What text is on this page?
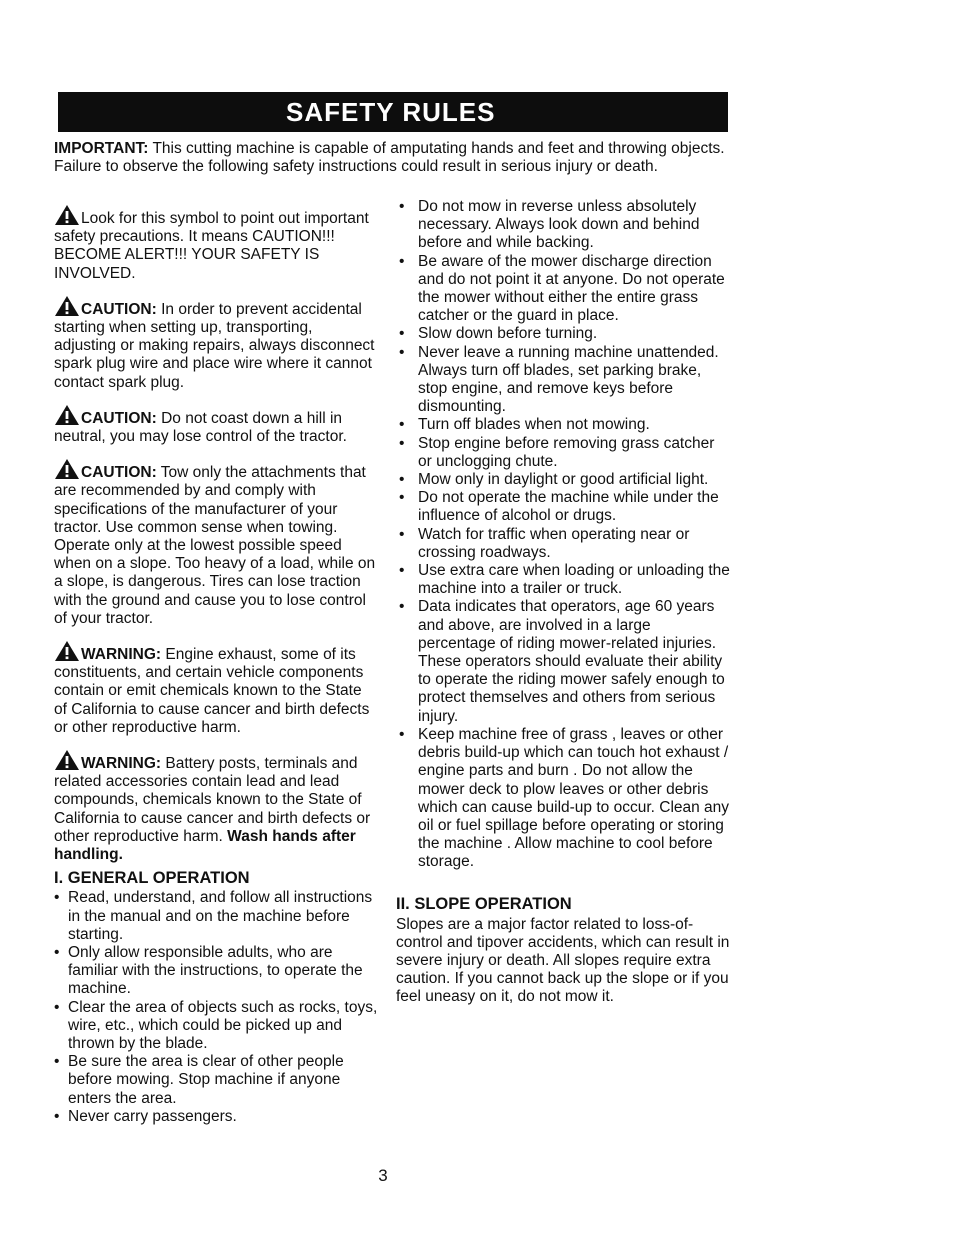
SAFETY RULES

IMPORTANT: This cutting machine is capable of amputating hands and feet and throwing objects. Failure to observe the following safety instructions could result in serious injury or death.

Look for this symbol to point out important safety precautions. It means CAUTION!!! BECOME ALERT!!! YOUR SAFETY IS INVOLVED.

CAUTION: In order to prevent accidental starting when setting up, transporting, adjusting or making repairs, always disconnect spark plug wire and place wire where it cannot contact spark plug.

CAUTION: Do not coast down a hill in neutral, you may lose control of the tractor.

CAUTION: Tow only the attachments that are recommended by and comply with specifications of the manufacturer of your tractor. Use common sense when towing. Operate only at the lowest possible speed when on a slope. Too heavy of a load, while on a slope, is dangerous. Tires can lose traction with the ground and cause you to lose control of your tractor.

WARNING: Engine exhaust, some of its constituents, and certain vehicle components contain or emit chemicals known to the State of California to cause cancer and birth defects or other reproductive harm.

WARNING: Battery posts, terminals and related accessories contain lead and lead compounds, chemicals known to the State of California to cause cancer and birth defects or other reproductive harm. Wash hands after handling.

I. GENERAL OPERATION
• Read, understand, and follow all instructions in the manual and on the machine before starting.
• Only allow responsible adults, who are familiar with the instructions, to operate the machine.
• Clear the area of objects such as rocks, toys, wire, etc., which could be picked up and thrown by the blade.
• Be sure the area is clear of other people before mowing. Stop machine if anyone enters the area.
• Never carry passengers.
• Do not mow in reverse unless absolutely necessary. Always look down and behind before and while backing.
• Be aware of the mower discharge direction and do not point it at anyone. Do not operate the mower without either the entire grass catcher or the guard in place.
• Slow down before turning.
• Never leave a running machine unattended. Always turn off blades, set parking brake, stop engine, and remove keys before dismounting.
• Turn off blades when not mowing.
• Stop engine before removing grass catcher or unclogging chute.
• Mow only in daylight or good artificial light.
• Do not operate the machine while under the influence of alcohol or drugs.
• Watch for traffic when operating near or crossing roadways.
• Use extra care when loading or unloading the machine into a trailer or truck.
• Data indicates that operators, age 60 years and above, are involved in a large percentage of riding mower-related injuries. These operators should evaluate their ability to operate the riding mower safely enough to protect themselves and others from serious injury.
• Keep machine free of grass , leaves or other debris build-up which can touch hot exhaust / engine parts and burn . Do not allow the mower deck to plow leaves or other debris which can cause build-up to occur. Clean any oil or fuel spillage before operating or storing the machine . Allow machine to cool before storage.
II. SLOPE OPERATION

Slopes are a major factor related to loss-of-control and tipover accidents, which can result in severe injury or death. All slopes require extra caution. If you cannot back up the slope or if you feel uneasy on it, do not mow it.

3
